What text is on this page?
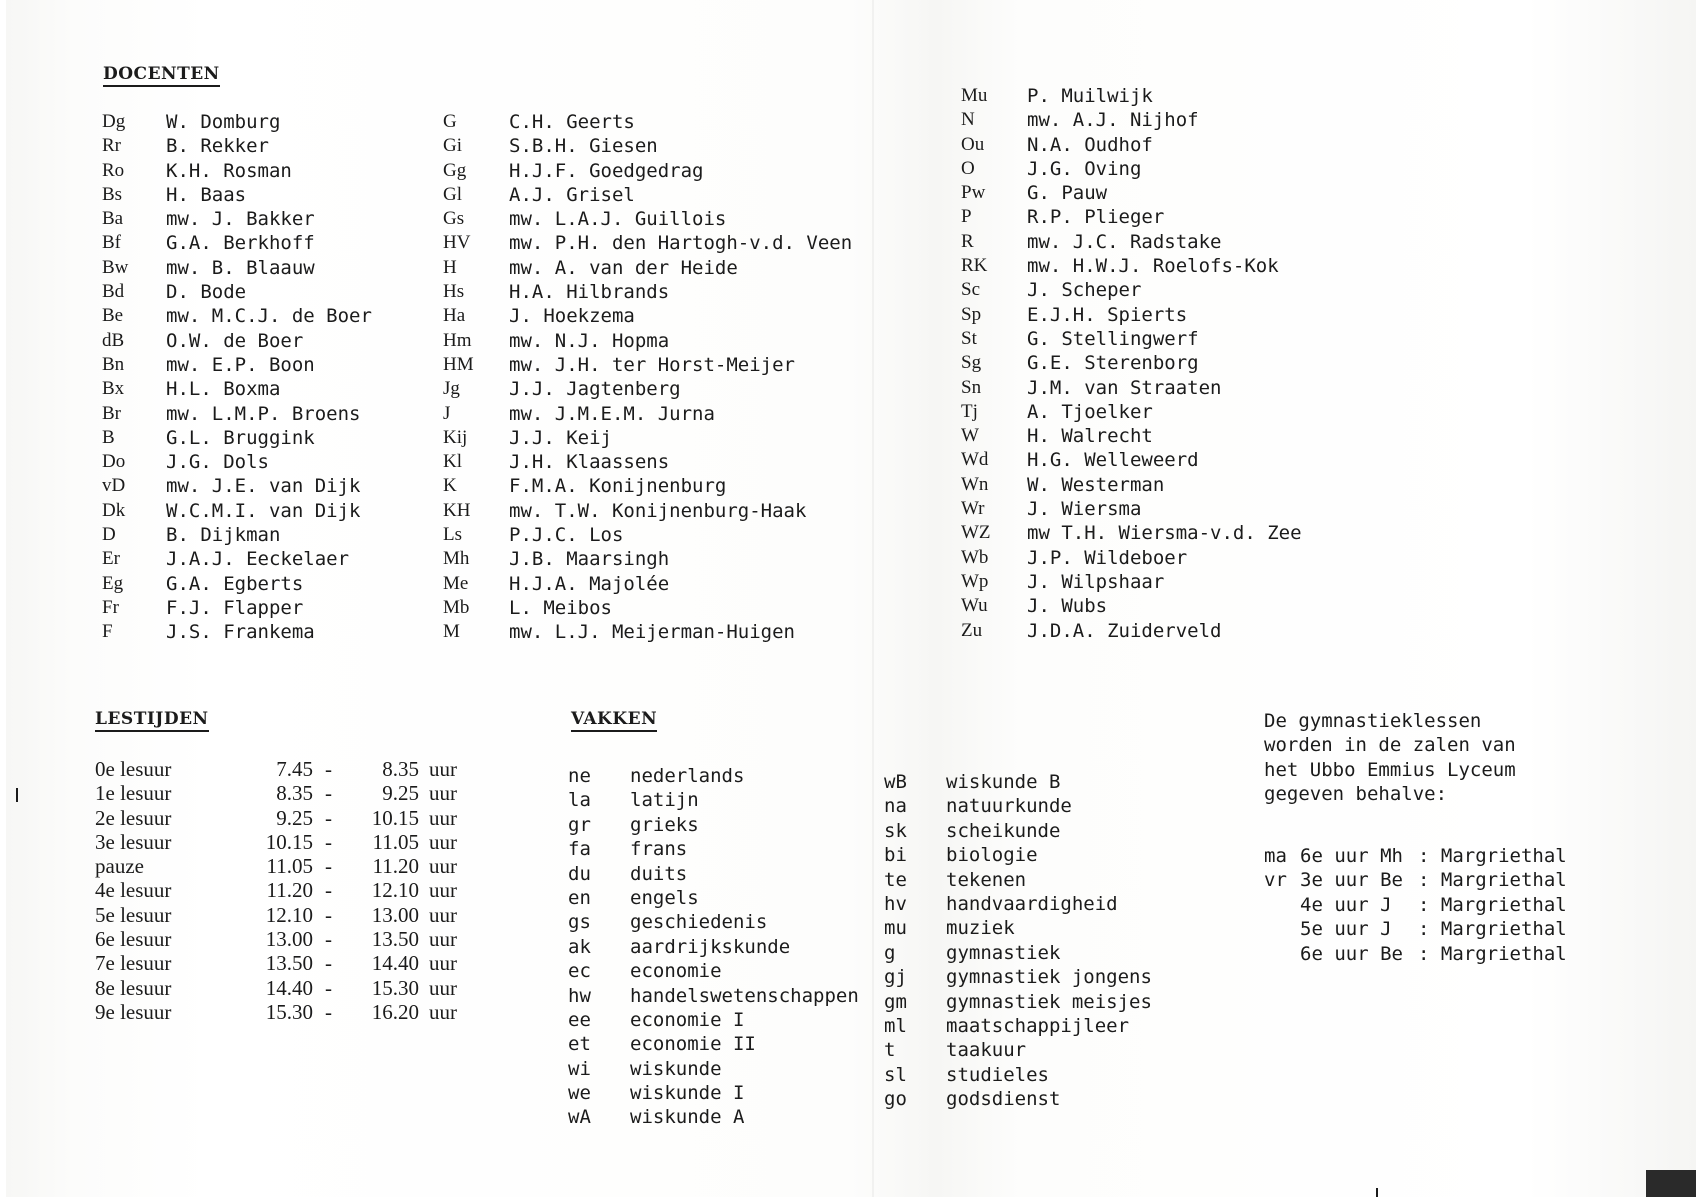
DOCENTEN
Dg W. Domburg
Rr B. Rekker
Ro K.H. Rosman
Bs H. Baas
Ba mw. J. Bakker
Bf G.A. Berkhoff
Bw mw. B. Blaauw
Bd D. Bode
Be mw. M.C.J. de Boer
dB O.W. de Boer
Bn mw. E.P. Boon
Bx H.L. Boxma
Br mw. L.M.P. Broens
B	G.L. Bruggink
Do J.G. Dols
vD mw. J.E. van Dijk
Dk W.C.M.I. van Dijk
D	B. Dijkman
Er J.A.J. Eeckelaer
Eg G.A. Egberts
Fr F.J. Flapper
F	J.S. Frankema
G	C.H. Geerts
Gi S.B.H. Giesen
Gg H.J.F. Goedgedrag
Gl A.J. Grisel
Gs mw. L.A.J. Guillois
HV mw. P.H. den Hartogh-v.d. Veen
H	mw. A. van der Heide
Hs H.A. Hilbrands
Ha J. Hoekzema
Hm mw. N.J. Hopma
HM mw. J.H. ter Horst-Meijer
Jg	J.J. Jagtenberg
J	mw. J.M.E.M. Jurna
Kij J.J. Keij
Kl J.H. Klaassens
K	F.M.A. Konijnenburg
KH mw. T.W. Konijnenburg-Haak
Ls P.J.C. Los
Mh J.B. Maarsingh
Me H.J.A. Majolée
Mb L. Meibos
M	mw. L.J. Meijerman-Huigen
Mu P. Muilwijk
N	mw. A.J. Nijhof
Ou N.A. Oudhof
O	J.G. Oving
Pw G. Pauw
P	R.P. Plieger
R	mw. J.C. Radstake
RK mw. H.W.J. Roelofs-Kok
Sc J. Scheper
Sp E.J.H. Spierts
St	G. Stellingwerf
Sg G.E. Sterenborg
Sn J.M. van Straaten
Tj	A. Tjoelker
W	H. Walrecht
Wd H.G. Welleweerd
Wn W. Westerman
Wr J. Wiersma
WZ mw T.H. Wiersma-v.d. Zee
Wb J.P. Wildeboer
Wp J. Wilpshaar
Wu J. Wubs
Zu J.D.A. Zuiderveld
LESTIJDEN
0e lesuur	7.45 -	8.35 uur
1e lesuur	8.35 -	9.25 uur
2e lesuur	9.25 -	10.15 uur
3e lesuur	10.15 -	11.05 uur
pauze	11.05 -	11.20 uur
4e lesuur	11.20 -	12.10 uur
5e lesuur	12.10 -	13.00 uur
6e lesuur	13.00 -	13.50 uur
7e lesuur	13.50 -	14.40 uur
8e lesuur	14.40 -	15.30 uur
9e lesuur	15.30 -	16.20 uur
VAKKEN
ne nederlands
la latijn
gr grieks
fa frans
du duits
en engels
gs geschiedenis
ak aardrijkskunde
ec economie
hw handelswetenschappen
ee economie I
et economie II
wi wiskunde
we wiskunde I
wA wiskunde A
wB wiskunde B
na natuurkunde
sk scheikunde
bi biologie
te tekenen
hv handvaardigheid
mu muziek
g	gymnastiek
gj gymnastiek jongens
gm gymnastiek meisjes
ml maatschappijleer
t	taakuur
sl studieles
go godsdienst
De gymnastieklessen
worden in de zalen van
het Ubbo Emmius Lyceum
gegeven behalve:
ma 6e uur Mh : Margriethal
vr 3e uur Be : Margriethal
4e uur J : Margriethal
5e uur J : Margriethal
6e uur Be : Margriethal
